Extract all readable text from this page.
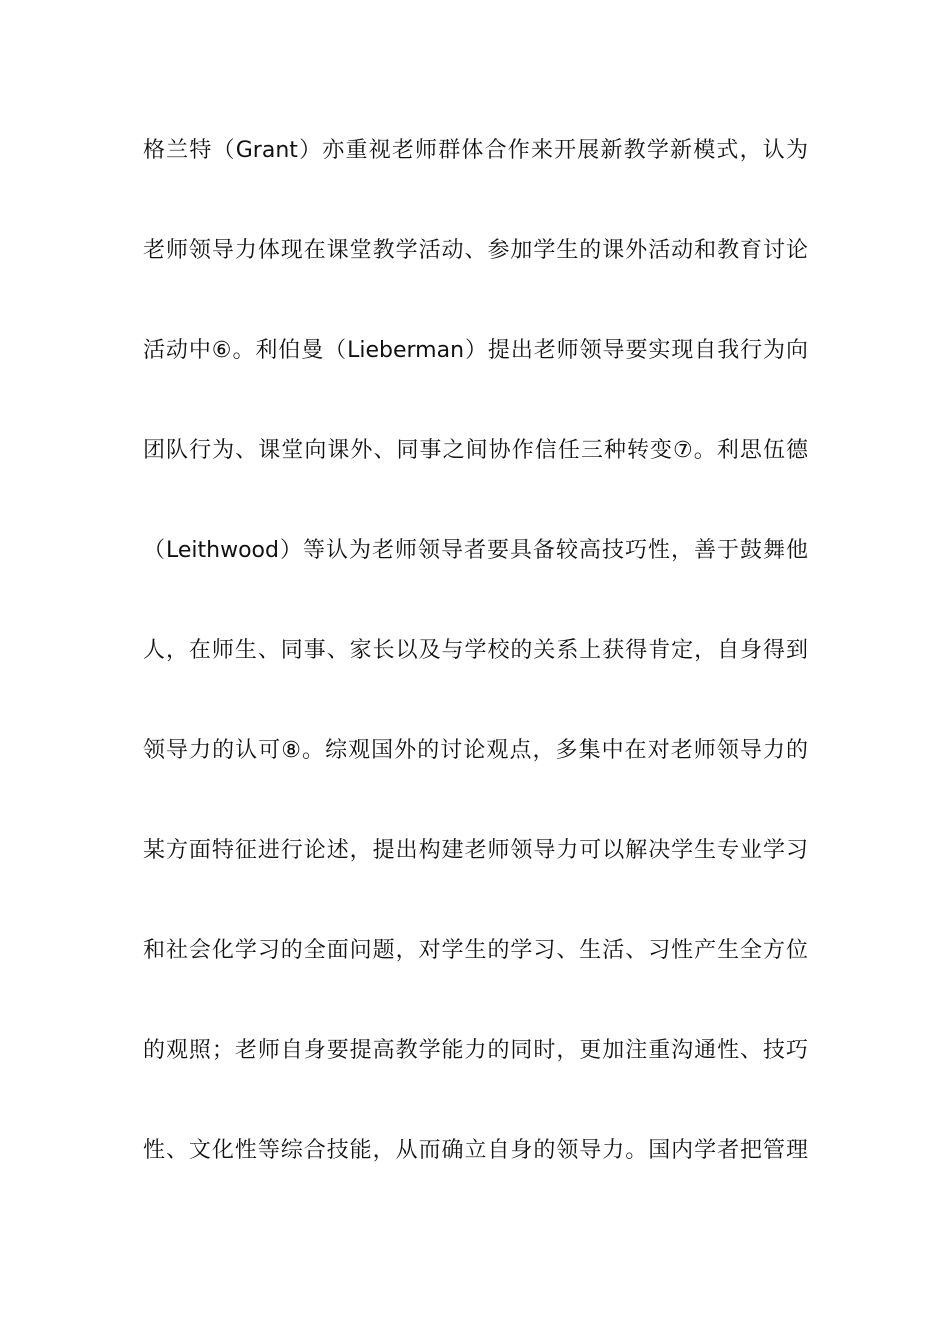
格兰特（Grant）亦重视老师群体合作来开展新教学新模式，认为
老师领导力体现在课堂教学活动、参加学生的课外活动和教育讨论
活动中⑥。利伯曼（Lieberman）提出老师领导要实现自我行为向
团队行为、课堂向课外、同事之间协作信任三种转变⑦。利思伍德
（Leithwood）等认为老师领导者要具备较高技巧性，善于鼓舞他
人，在师生、同事、家长以及与学校的关系上获得肯定，自身得到
领导力的认可⑧。综观国外的讨论观点，多集中在对老师领导力的
某方面特征进行论述，提出构建老师领导力可以解决学生专业学习
和社会化学习的全面问题，对学生的学习、生活、习性产生全方位
的观照；老师自身要提高教学能力的同时，更加注重沟通性、技巧
性、文化性等综合技能，从而确立自身的领导力。国内学者把管理
